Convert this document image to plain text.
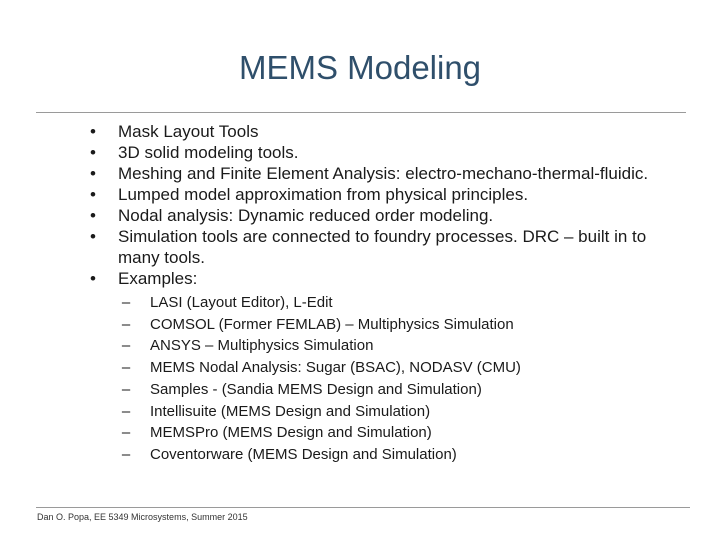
MEMS Modeling
• Mask Layout Tools
• 3D solid modeling tools.
• Meshing and Finite Element Analysis: electro-mechano-thermal-fluidic.
• Lumped model approximation from physical principles.
• Nodal analysis: Dynamic reduced order modeling.
• Simulation tools are connected to foundry processes. DRC – built in to many tools.
• Examples:
– LASI (Layout Editor), L-Edit
– COMSOL (Former FEMLAB) – Multiphysics Simulation
– ANSYS – Multiphysics Simulation
– MEMS Nodal Analysis: Sugar (BSAC), NODASV (CMU)
– Samples - (Sandia MEMS Design and Simulation)
– Intellisuite (MEMS Design and Simulation)
– MEMSPro (MEMS Design and Simulation)
– Coventorware (MEMS Design and Simulation)
Dan O. Popa, EE 5349 Microsystems, Summer 2015
